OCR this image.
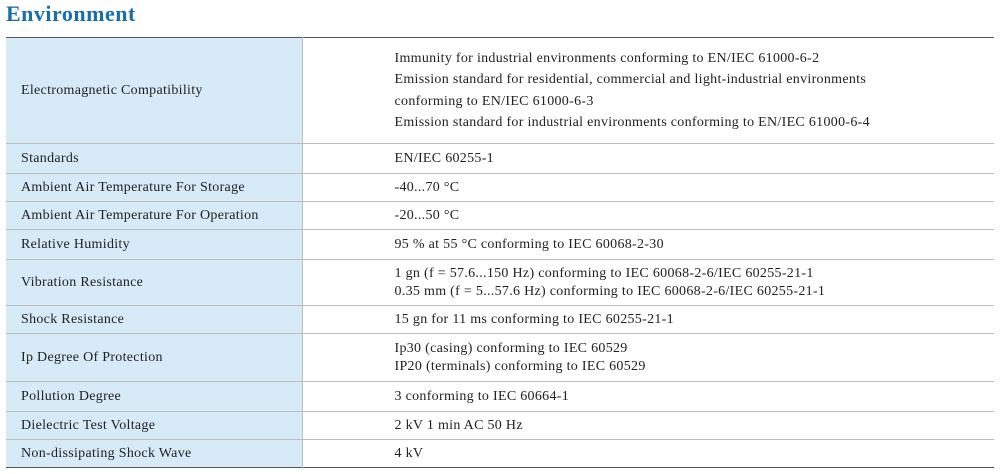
Environment
Electromagnetic Compatibility	Immunity for industrial environments conforming to EN/IEC 61000-6-2
Emission standard for residential, commercial and light-industrial environments
conforming to EN/IEC 61000-6-3
Emission standard for industrial environments conforming to EN/IEC 61000-6-4

Standards	EN/IEC 60255-1

Ambient Air Temperature For Storage	-40...70 °C

Ambient Air Temperature For Operation	-20...50 °C

Relative Humidity	95 % at 55 °C conforming to IEC 60068-2-30

Vibration Resistance	1 gn (f = 57.6...150 Hz) conforming to IEC 60068-2-6/IEC 60255-21-1
0.35 mm (f = 5...57.6 Hz) conforming to IEC 60068-2-6/IEC 60255-21-1

Shock Resistance	15 gn for 11 ms conforming to IEC 60255-21-1

Ip Degree Of Protection	Ip30 (casing) conforming to IEC 60529
IP20 (terminals) conforming to IEC 60529

Pollution Degree	3 conforming to IEC 60664-1

Dielectric Test Voltage	2 kV 1 min AC 50 Hz

Non-dissipating Shock Wave	4 kV
